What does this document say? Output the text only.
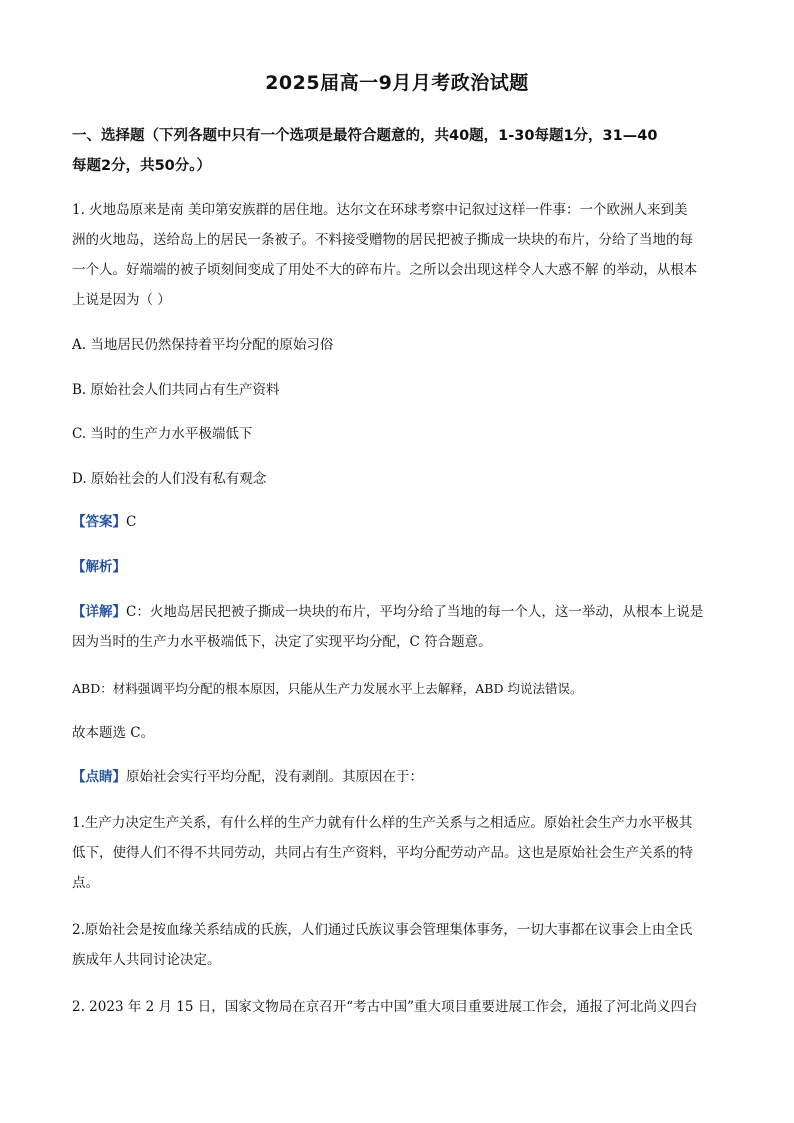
2025届高一9月月考政治试题
一、选择题（下列各题中只有一个选项是最符合题意的，共40题，1-30每题1分，31—40
每题2分，共50分。）
1. 火地岛原来是南 美印第安族群的居住地。达尔文在环球考察中记叙过这样一件事：一个欧洲人来到美
洲的火地岛，送给岛上的居民一条被子。不料接受赠物的居民把被子撕成一块块的布片，分给了当地的每
一个人。好端端的被子顷刻间变成了用处不大的碎布片。之所以会出现这样令人大惑不解 的举动，从根本
上说是因为（ ）
A. 当地居民仍然保持着平均分配的原始习俗
B. 原始社会人们共同占有生产资料
C. 当时的生产力水平极端低下
D. 原始社会的人们没有私有观念
【答案】C
【解析】
【详解】C：火地岛居民把被子撕成一块块的布片，平均分给了当地的每一个人，这一举动，从根本上说是
因为当时的生产力水平极端低下，决定了实现平均分配，C 符合题意。
ABD：材料强调平均分配的根本原因，只能从生产力发展水平上去解释，ABD 均说法错误。
故本题选 C。
【点睛】原始社会实行平均分配，没有剥削。其原因在于：
1.生产力决定生产关系，有什么样的生产力就有什么样的生产关系与之相适应。原始社会生产力水平极其
低下，使得人们不得不共同劳动，共同占有生产资料，平均分配劳动产品。这也是原始社会生产关系的特
点。
2.原始社会是按血缘关系结成的氏族，人们通过氏族议事会管理集体事务，一切大事都在议事会上由全氏
族成年人共同讨论决定。
2. 2023 年 2 月 15 日，国家文物局在京召开“考古中国”重大项目重要进展工作会，通报了河北尚义四台
